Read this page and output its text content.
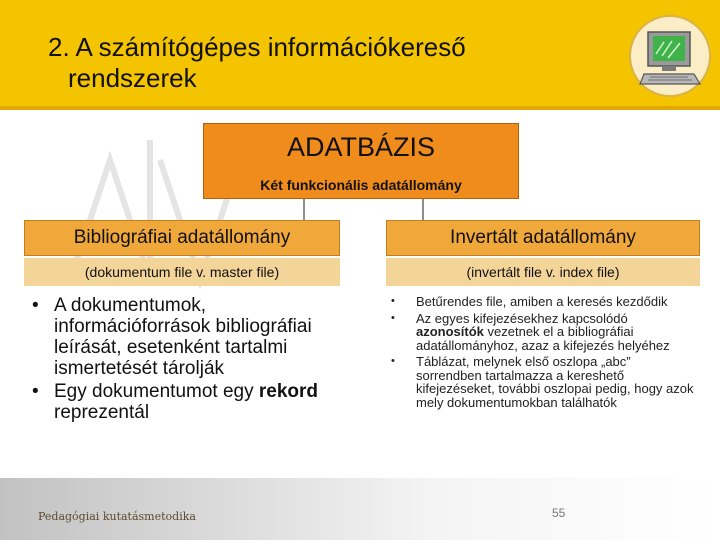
2. A számítógépes információkereső
rendszerek
ADATBÁZIS
Két funkcionális adatállomány
Bibliográfiai adatállomány
(dokumentum file v. master file)
Invertált adatállomány
(invertált file v. index file)
• A dokumentumok, információforrások bibliográfiai leírását, esetenként tartalmi ismertetését tárolják
• Egy dokumentumot egy rekord reprezentál
• Betűrendes file, amiben a keresés kezdődik
• Az egyes kifejezésekhez kapcsolódó azonosítók vezetnek el a bibliográfiai adatállományhoz, azaz a kifejezés helyéhez
• Táblázat, melynek első oszlopa „abc” sorrendben tartalmazza a kereshető kifejezéseket, további oszlopai pedig, hogy azok mely dokumentumokban találhatók
Pedagógiai kutatásmetodika	55
